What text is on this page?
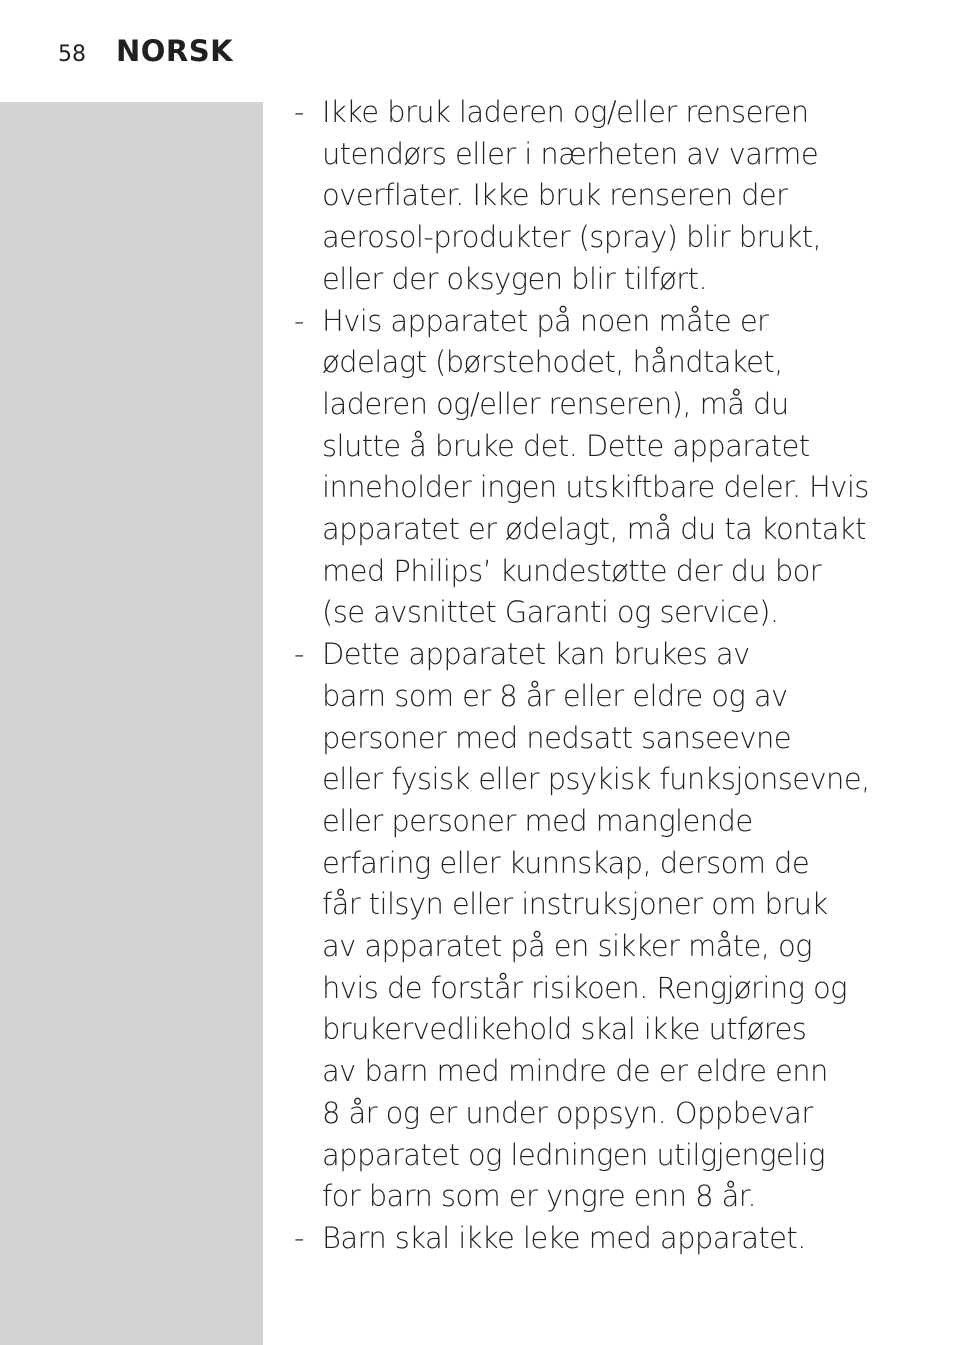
58 NORSK
- Ikke bruk laderen og/eller renseren
utendørs eller i nærheten av varme
overflater. Ikke bruk renseren der
aerosol-produkter (spray) blir brukt,
eller der oksygen blir tilført.
- Hvis apparatet på noen måte er
ødelagt (børstehodet, håndtaket,
laderen og/eller renseren), må du
slutte å bruke det. Dette apparatet
inneholder ingen utskiftbare deler. Hvis
apparatet er ødelagt, må du ta kontakt
med Philips’ kundestøtte der du bor
(se avsnittet Garanti og service).
- Dette apparatet kan brukes av
barn som er 8 år eller eldre og av
personer med nedsatt sanseevne
eller fysisk eller psykisk funksjonsevne,
eller personer med manglende
erfaring eller kunnskap, dersom de
får tilsyn eller instruksjoner om bruk
av apparatet på en sikker måte, og
hvis de forstår risikoen. Rengjøring og
brukervedlikehold skal ikke utføres
av barn med mindre de er eldre enn
8 år og er under oppsyn. Oppbevar
apparatet og ledningen utilgjengelig
for barn som er yngre enn 8 år.
- Barn skal ikke leke med apparatet.
